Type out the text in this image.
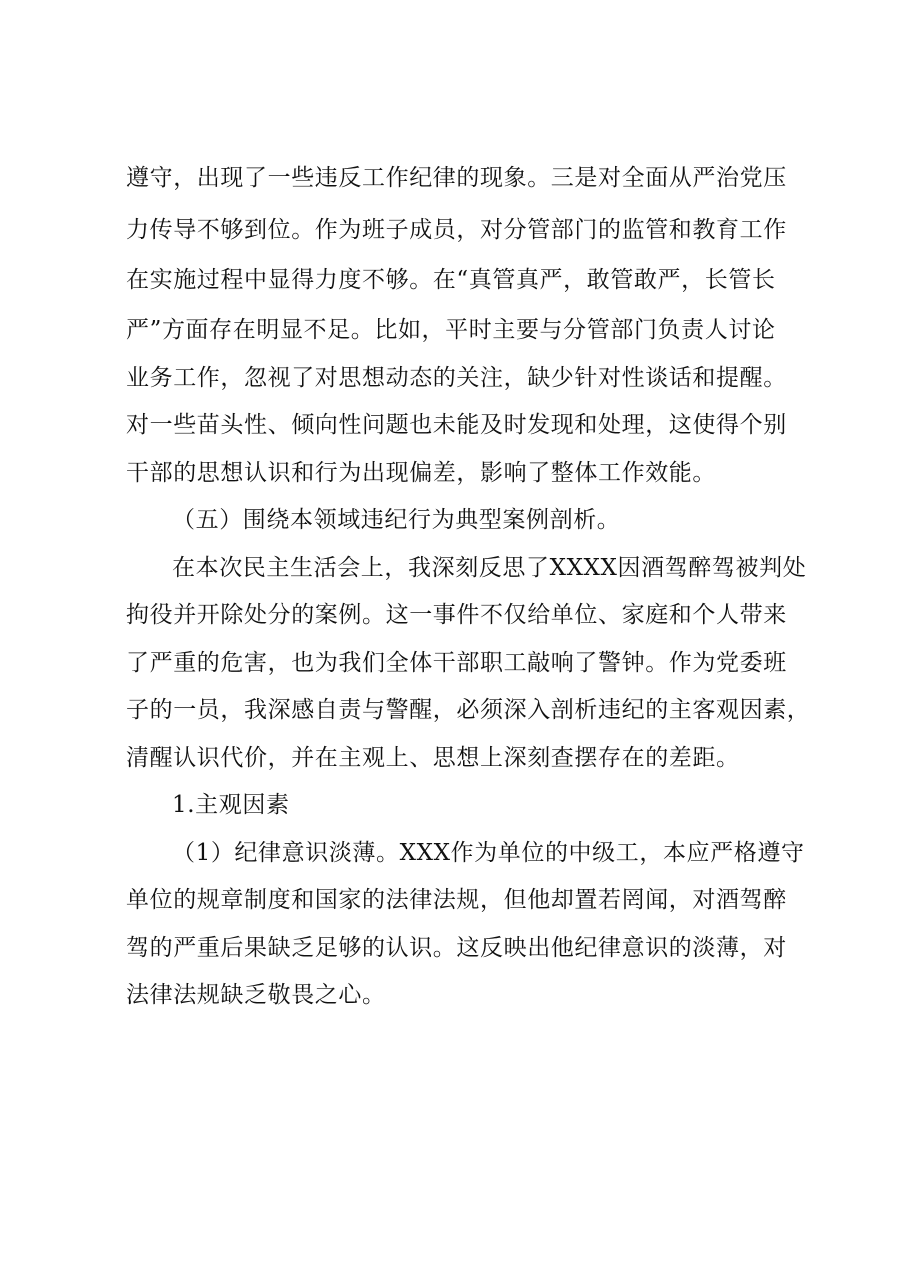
遵守，出现了一些违反工作纪律的现象。三是对全面从严治党压
力传导不够到位。作为班子成员，对分管部门的监管和教育工作
在实施过程中显得力度不够。在“真管真严，敢管敢严，长管长
严”方面存在明显不足。比如，平时主要与分管部门负责人讨论
业务工作，忽视了对思想动态的关注，缺少针对性谈话和提醒。
对一些苗头性、倾向性问题也未能及时发现和处理，这使得个别
干部的思想认识和行为出现偏差，影响了整体工作效能。
（五）围绕本领域违纪行为典型案例剖析。
在本次民主生活会上，我深刻反思了XXXX因酒驾醉驾被判处
拘役并开除处分的案例。这一事件不仅给单位、家庭和个人带来
了严重的危害，也为我们全体干部职工敲响了警钟。作为党委班
子的一员，我深感自责与警醒，必须深入剖析违纪的主客观因素，
清醒认识代价，并在主观上、思想上深刻查摆存在的差距。
1.主观因素
（1）纪律意识淡薄。XXX作为单位的中级工，本应严格遵守
单位的规章制度和国家的法律法规，但他却置若罔闻，对酒驾醉
驾的严重后果缺乏足够的认识。这反映出他纪律意识的淡薄，对
法律法规缺乏敬畏之心。
